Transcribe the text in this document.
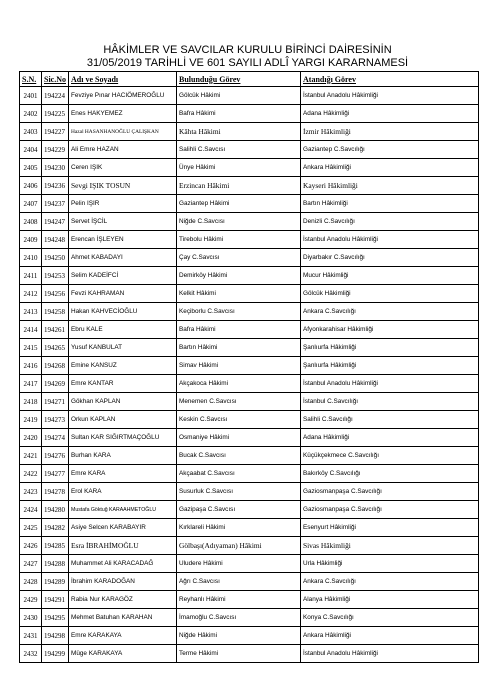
HÂKİMLER VE SAVCILAR KURULU BİRİNCİ DAİRESİNİN
31/05/2019 TARİHLİ VE 601 SAYILI ADLÎ YARGI KARARNAMESİ
S.N.	Sic.No	Adı ve Soyadı	Bulunduğu Görev	Atandığı Görev
2401	194224	Fevziye Pınar HACIÖMEROĞLU	Gölcük Hâkimi	İstanbul Anadolu Hâkimliği
2402	194225	Enes HAKYEMEZ	Bafra Hâkimi	Adana Hâkimliği
2403	194227	Hazal HASANHANOĞLU ÇALIŞKAN	Kâhta Hâkimi	İzmir Hâkimliği
2404	194229	Ali Emre HAZAN	Salihli C.Savcısı	Gaziantep C.Savcılığı
2405	194230	Ceren IŞIK	Ünye Hâkimi	Ankara Hâkimliği
2406	194236	Sevgi IŞIK TOSUN	Erzincan Hâkimi	Kayseri Hâkimliği
2407	194237	Pelin IŞIR	Gaziantep Hâkimi	Bartın Hâkimliği
2408	194247	Servet İŞCİL	Niğde C.Savcısı	Denizli C.Savcılığı
2409	194248	Erencan İŞLEYEN	Tirebolu Hâkimi	İstanbul Anadolu Hâkimliği
2410	194250	Ahmet KABADAYI	Çay C.Savcısı	Diyarbakır C.Savcılığı
2411	194253	Selim KADEİFCİ	Demirköy Hâkimi	Mucur Hâkimliği
2412	194256	Fevzi KAHRAMAN	Kelkit Hâkimi	Gölcük Hâkimliği
2413	194258	Hakan KAHVECİOĞLU	Keçiborlu C.Savcısı	Ankara C.Savcılığı
2414	194261	Ebru KALE	Bafra Hâkimi	Afyonkarahisar Hâkimliği
2415	194265	Yusuf KANBULAT	Bartın Hâkimi	Şanlıurfa Hâkimliği
2416	194268	Emine KANSUZ	Simav Hâkimi	Şanlıurfa Hâkimliği
2417	194269	Emre KANTAR	Akçakoca Hâkimi	İstanbul Anadolu Hâkimliği
2418	194271	Gökhan KAPLAN	Menemen C.Savcısı	İstanbul C.Savcılığı
2419	194273	Orkun KAPLAN	Keskin C.Savcısı	Salihli C.Savcılığı
2420	194274	Sultan KAR SIĞIRTMAÇOĞLU	Osmaniye Hâkimi	Adana Hâkimliği
2421	194276	Burhan KARA	Bucak C.Savcısı	Küçükçekmece C.Savcılığı
2422	194277	Emre KARA	Akçaabat C.Savcısı	Bakırköy C.Savcılığı
2423	194278	Erol KARA	Susurluk C.Savcısı	Gaziosmanpaşa C.Savcılığı
2424	194280	Mustafa Göktuğ KARAAHMETOĞLU	Gazipaşa C.Savcısı	Gaziosmanpaşa C.Savcılığı
2425	194282	Asiye Selcen KARABAYIR	Kırklareli Hâkimi	Esenyurt Hâkimliği
2426	194285	Esra İBRAHİMOĞLU	Gölbaşı(Adıyaman) Hâkimi	Sivas Hâkimliği
2427	194288	Muhammet Ali KARACADAĞ	Uludere Hâkimi	Urla Hâkimliği
2428	194289	İbrahim KARADOĞAN	Ağrı C.Savcısı	Ankara C.Savcılığı
2429	194291	Rabia Nur KARAGÖZ	Reyhanlı Hâkimi	Alanya Hâkimliği
2430	194295	Mehmet Batuhan KARAHAN	İmamoğlu C.Savcısı	Konya C.Savcılığı
2431	194298	Emre KARAKAYA	Niğde Hâkimi	Ankara Hâkimliği
2432	194299	Müge KARAKAYA	Terme Hâkimi	İstanbul Anadolu Hâkimliği
